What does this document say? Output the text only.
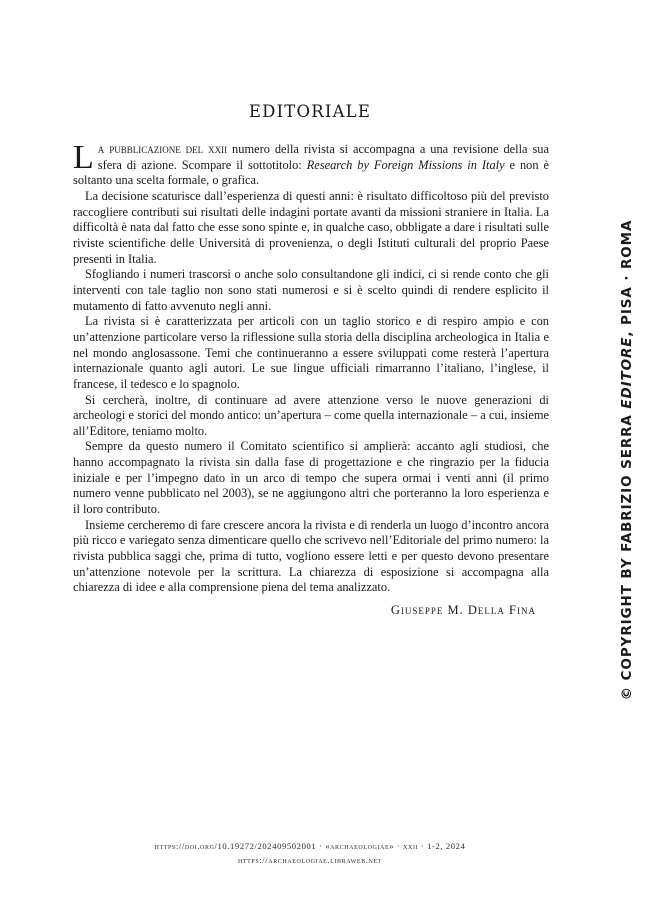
EDITORIALE

La pubblicazione del xxii numero della rivista si accompagna a una revisione della sua sfera di azione. Scompare il sottotitolo: Research by Foreign Missions in Italy e non è soltanto una scelta formale, o grafica.

La decisione scaturisce dall’esperienza di questi anni: è risultato difficoltoso più del previsto raccogliere contributi sui risultati delle indagini portate avanti da missioni straniere in Italia. La difficoltà è nata dal fatto che esse sono spinte e, in qualche caso, obbligate a dare i risultati sulle riviste scientifiche delle Università di provenienza, o degli Istituti culturali del proprio Paese presenti in Italia.

Sfogliando i numeri trascorsi o anche solo consultandone gli indici, ci si rende conto che gli interventi con tale taglio non sono stati numerosi e si è scelto quindi di rendere esplicito il mutamento di fatto avvenuto negli anni.

La rivista si è caratterizzata per articoli con un taglio storico e di respiro ampio e con un’attenzione particolare verso la riflessione sulla storia della disciplina archeologica in Italia e nel mondo anglosassone. Temi che continueranno a essere sviluppati come resterà l’apertura internazionale quanto agli autori. Le sue lingue ufficiali rimarranno l’italiano, l’inglese, il francese, il tedesco e lo spagnolo.

Si cercherà, inoltre, di continuare ad avere attenzione verso le nuove generazioni di archeologi e storici del mondo antico: un’apertura – come quella internazionale – a cui, insieme all’Editore, teniamo molto.

Sempre da questo numero il Comitato scientifico si amplierà: accanto agli studiosi, che hanno accompagnato la rivista sin dalla fase di progettazione e che ringrazio per la fiducia iniziale e per l’impegno dato in un arco di tempo che supera ormai i venti anni (il primo numero venne pubblicato nel 2003), se ne aggiungono altri che porteranno la loro esperienza e il loro contributo.

Insieme cercheremo di fare crescere ancora la rivista e di renderla un luogo d’incontro ancora più ricco e variegato senza dimenticare quello che scrivevo nell’Editoriale del primo numero: la rivista pubblica saggi che, prima di tutto, vogliono essere letti e per questo devono presentare un’attenzione notevole per la scrittura. La chiarezza di esposizione si accompagna alla chiarezza di idee e alla comprensione piena del tema analizzato.

Giuseppe M. Della Fina
https://doi.org/10.19272/202409502001 · «archaeologiae» · xxii · 1-2, 2024
https://archaeologiae.libraweb.net
© COPYRIGHT BY FABRIZIO SERRA EDITORE, PISA · ROMA
